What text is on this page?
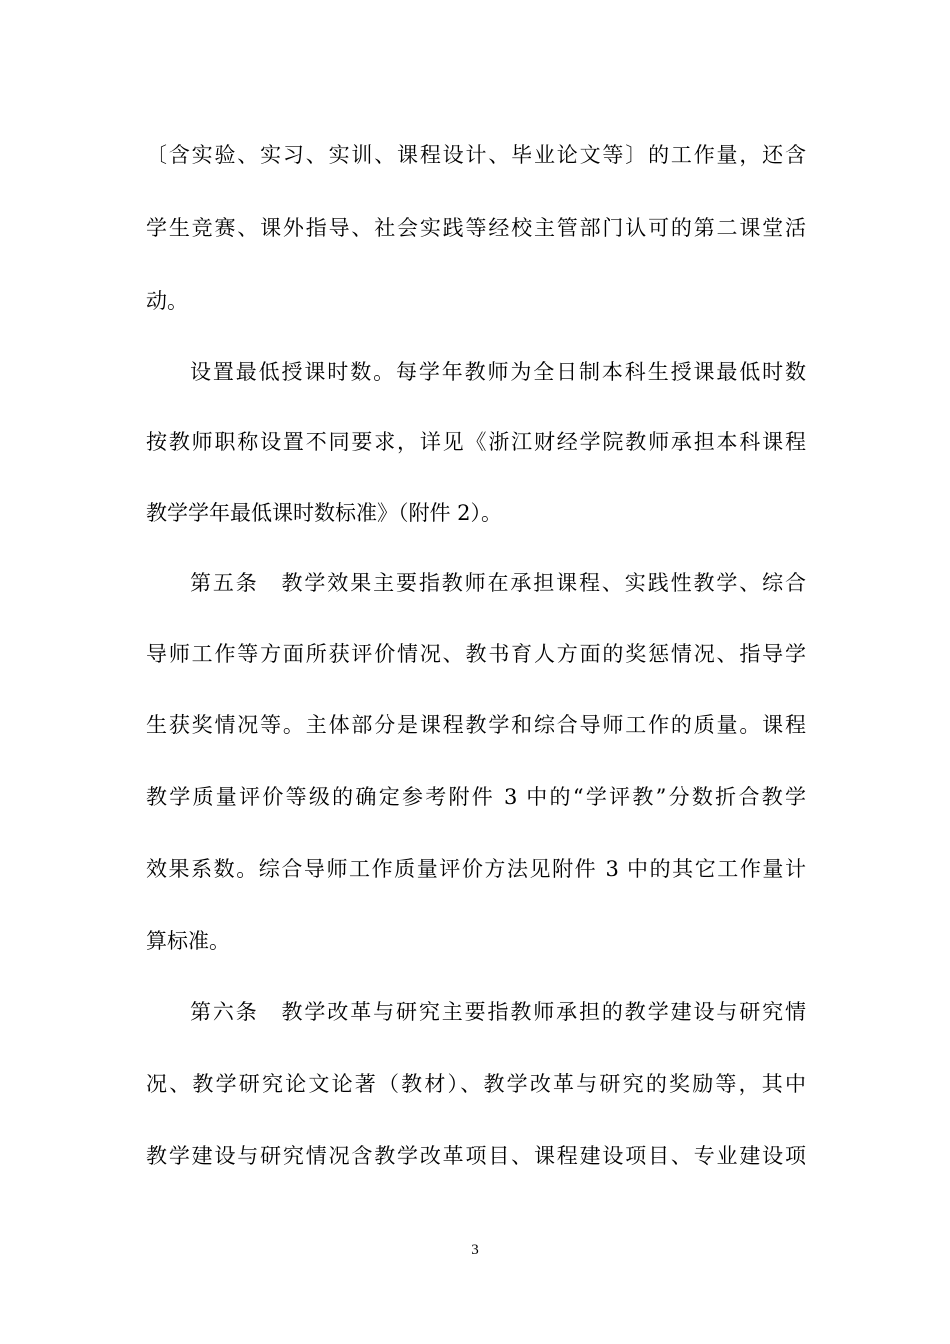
〔含实验、实习、实训、课程设计、毕业论文等〕的工作量，还含
学生竞赛、课外指导、社会实践等经校主管部门认可的第二课堂活
动。
设置最低授课时数。每学年教师为全日制本科生授课最低时数
按教师职称设置不同要求，详见《浙江财经学院教师承担本科课程
教学学年最低课时数标准》（附件 2）。
第五条　教学效果主要指教师在承担课程、实践性教学、综合
导师工作等方面所获评价情况、教书育人方面的奖惩情况、指导学
生获奖情况等。主体部分是课程教学和综合导师工作的质量。课程
教学质量评价等级的确定参考附件 3 中的“学评教”分数折合教学
效果系数。综合导师工作质量评价方法见附件 3 中的其它工作量计
算标准。
第六条　教学改革与研究主要指教师承担的教学建设与研究情
况、教学研究论文论著（教材）、教学改革与研究的奖励等，其中
教学建设与研究情况含教学改革项目、课程建设项目、专业建设项
3
